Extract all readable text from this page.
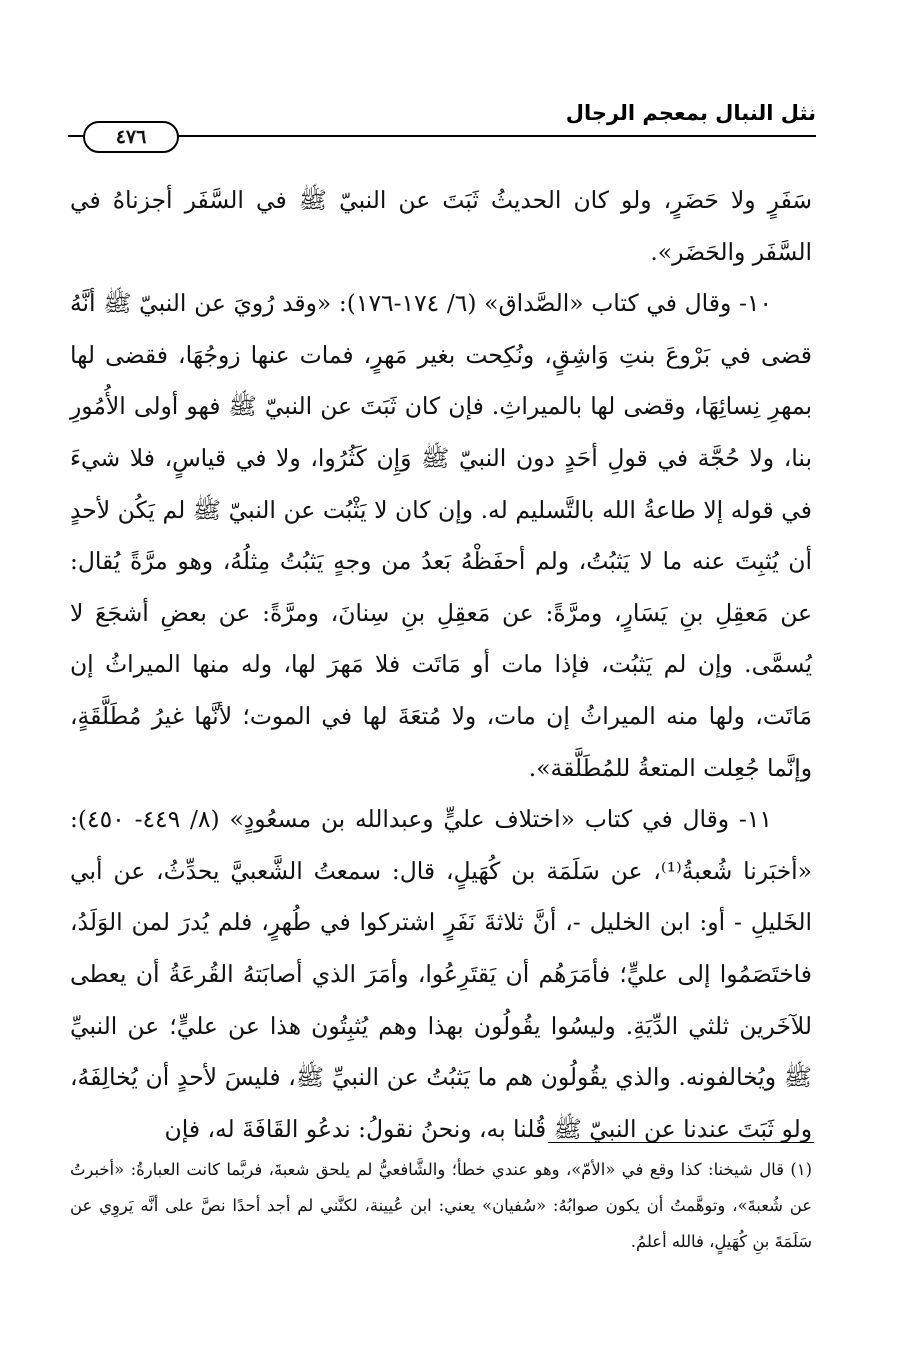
نثل النبال بمعجم الرجال
٤٧٦

سَفَرٍ ولا حَضَرٍ، ولو كان الحديثُ ثَبَتَ عن النبيّ ﷺ في السَّفَر أجزناهُ في السَّفَر والحَضَر».

١٠- وقال في كتاب «الصَّداق» (٦/ ١٧٤-١٧٦): «وقد رُويَ عن النبيّ ﷺ أنَّهُ قضى في بَرْوعَ بنتِ وَاشِقٍ، ونُكِحت بغير مَهرٍ، فمات عنها زوجُهَا، فقضى لها بمهرِ نِسائِهَا، وقضى لها بالميراثِ. فإن كان ثَبَتَ عن النبيّ ﷺ فهو أولى الأُمُورِ بنا، ولا حُجَّة في قولِ أحَدٍ دون النبيّ ﷺ وَإِن كَثُرُوا، ولا في قياسٍ، فلا شيءَ في قوله إلا طاعةُ الله بالتَّسليم له. وإن كان لا يَثْبُت عن النبيّ ﷺ لم يَكُن لأحدٍ أن يُثبِتَ عنه ما لا يَثبُتُ، ولم أحفَظْهُ بَعدُ من وجهٍ يَثبُتُ مِثلُهُ، وهو مرَّةً يُقال: عن مَعقِلِ بنِ يَسَارٍ، ومرَّةً: عن مَعقِلِ بنِ سِنانَ، ومرَّةً: عن بعضِ أشجَعَ لا يُسمَّى. وإن لم يَثبُت، فإذا مات أو مَاتَت فلا مَهرَ لها، وله منها الميراثُ إن مَاتَت، ولها منه الميراثُ إن مات، ولا مُتعَةَ لها في الموت؛ لأنَّها غيرُ مُطَلَّقَةٍ، وإنَّما جُعِلت المتعةُ للمُطَلَّقة».

١١- وقال في كتاب «اختلاف عليٍّ وعبدالله بن مسعُودٍ» (٨/ ٤٤٩- ٤٥٠): «أخبَرنا شُعبةُ⁽¹⁾، عن سَلَمَة بن كُهَيلٍ، قال: سمعتُ الشَّعبيَّ يحدِّثُ، عن أبي الخَليلِ - أو: ابن الخليل -، أنَّ ثلاثةَ نَفَرٍ اشتركوا في طُهرٍ، فلم يُدرَ لمن الوَلَدُ، فاختَصَمُوا إلى عليٍّ؛ فأمَرَهُم أن يَقتَرِعُوا، وأمَرَ الذي أصابَتهُ القُرعَةُ أن يعطى للآخَرين ثلثي الدِّيَةِ. وليسُوا يقُولُون بهذا وهم يُثبِتُون هذا عن عليٍّ؛ عن النبيِّ ﷺ ويُخالفونه. والذي يقُولُون هم ما يَثبُتُ عن النبيِّ ﷺ، فليسَ لأحدٍ أن يُخالِفَهُ، ولو ثَبَتَ عندنا عن النبيّ ﷺ قُلنا به، ونحنُ نقولُ: ندعُو القَافَةَ له، فإن

(١) قال شيخنا: كذا وقع في «الأمّ»، وهو عندي خطأ؛ والشَّافعيُّ لم يلحق شعبةَ، فربَّما كانت العبارةُ: «أخبرتُ عن شُعبةَ»، وتوهَّمتُ أن يكون صوابُهُ: «سُفيان» يعني: ابن عُيينة، لكنَّني لم أجد أحدًا نصَّ على أنَّه يَروِي عن سَلَمَةَ بنِ كُهَيلٍ، فالله أعلمُ.
